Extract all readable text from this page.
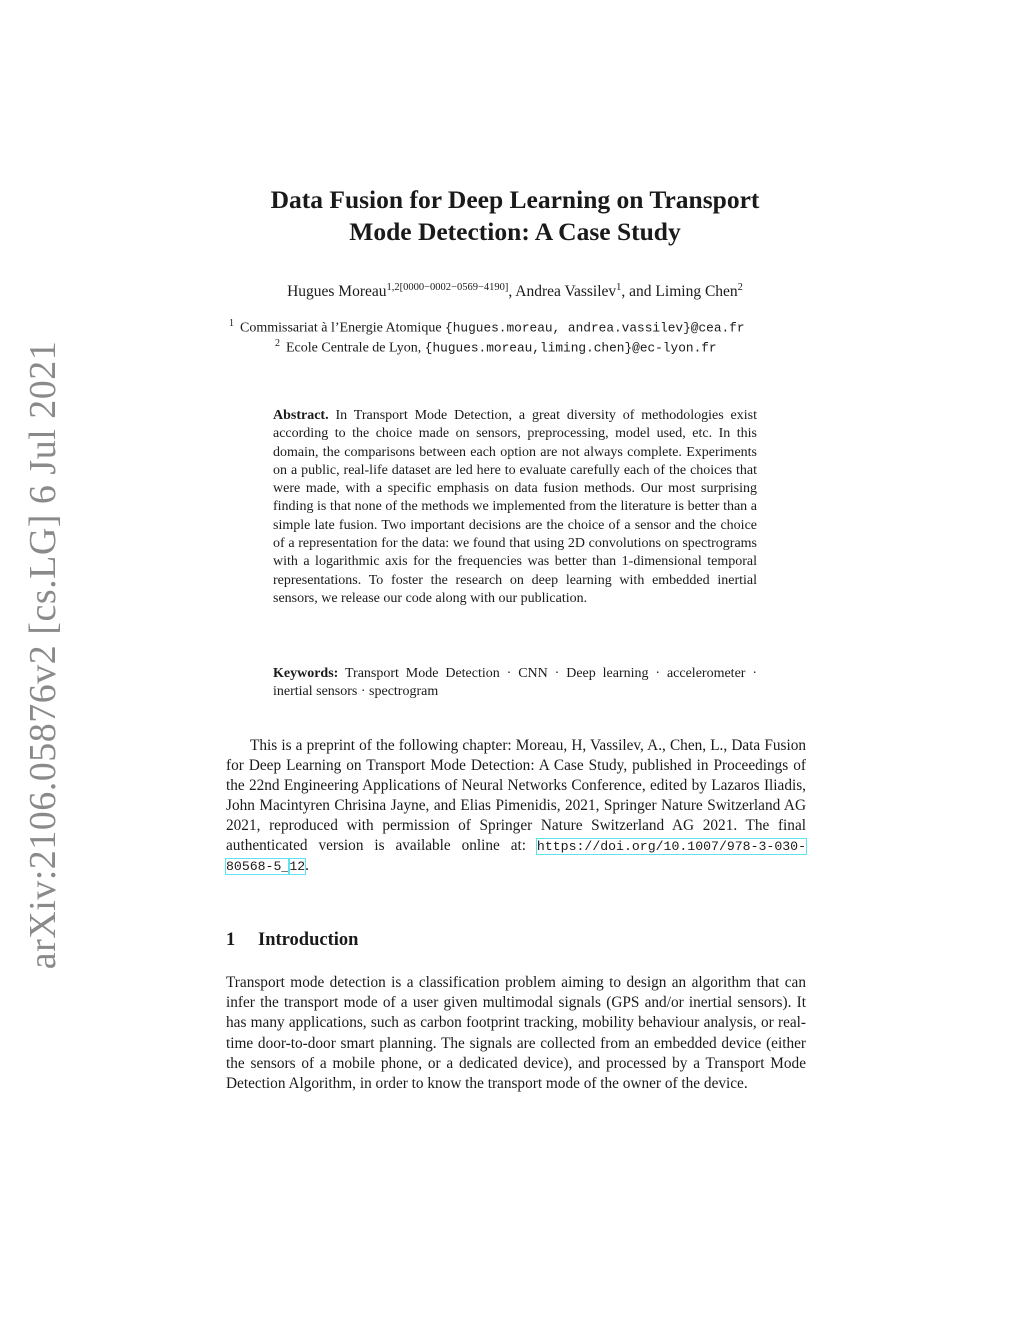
arXiv:2106.05876v2 [cs.LG] 6 Jul 2021
Data Fusion for Deep Learning on Transport
Mode Detection: A Case Study
Hugues Moreau$^{1,2[0000-0002-0569-4190]}$, Andrea Vassilev$^1$, and Liming Chen$^2$
$^1$ Commissariat à l’Energie Atomique {hugues.moreau, andrea.vassilev}@cea.fr
$^2$ Ecole Centrale de Lyon, {hugues.moreau,liming.chen}@ec-lyon.fr

Abstract. In Transport Mode Detection, a great diversity of methodologies exist according to the choice made on sensors, preprocessing, model used, etc. In this domain, the comparisons between each option are not always complete. Experiments on a public, real-life dataset are led here to evaluate carefully each of the choices that were made, with a specific emphasis on data fusion methods. Our most surprising finding is that none of the methods we implemented from the literature is better than a simple late fusion. Two important decisions are the choice of a sensor and the choice of a representation for the data: we found that using 2D convolutions on spectrograms with a logarithmic axis for the frequencies was better than 1-dimensional temporal representations. To foster the research on deep learning with embedded inertial sensors, we release our code along with our publication.

Keywords: Transport Mode Detection · CNN · Deep learning · accelerometer · inertial sensors · spectrogram

This is a preprint of the following chapter: Moreau, H, Vassilev, A., Chen, L., Data Fusion for Deep Learning on Transport Mode Detection: A Case Study, published in Proceedings of the 22nd Engineering Applications of Neural Networks Conference, edited by Lazaros Iliadis, John Macintyren Chrisina Jayne, and Elias Pimenidis, 2021, Springer Nature Switzerland AG 2021, reproduced with permission of Springer Nature Switzerland AG 2021. The final authenticated version is available online at: https://doi.org/10.1007/978-3-030-80568-5_12.

1 Introduction

Transport mode detection is a classification problem aiming to design an algorithm that can infer the transport mode of a user given multimodal signals (GPS and/or inertial sensors). It has many applications, such as carbon footprint tracking, mobility behaviour analysis, or real-time door-to-door smart planning. The signals are collected from an embedded device (either the sensors of a mobile phone, or a dedicated device), and processed by a Transport Mode Detection Algorithm, in order to know the transport mode of the owner of the device.
